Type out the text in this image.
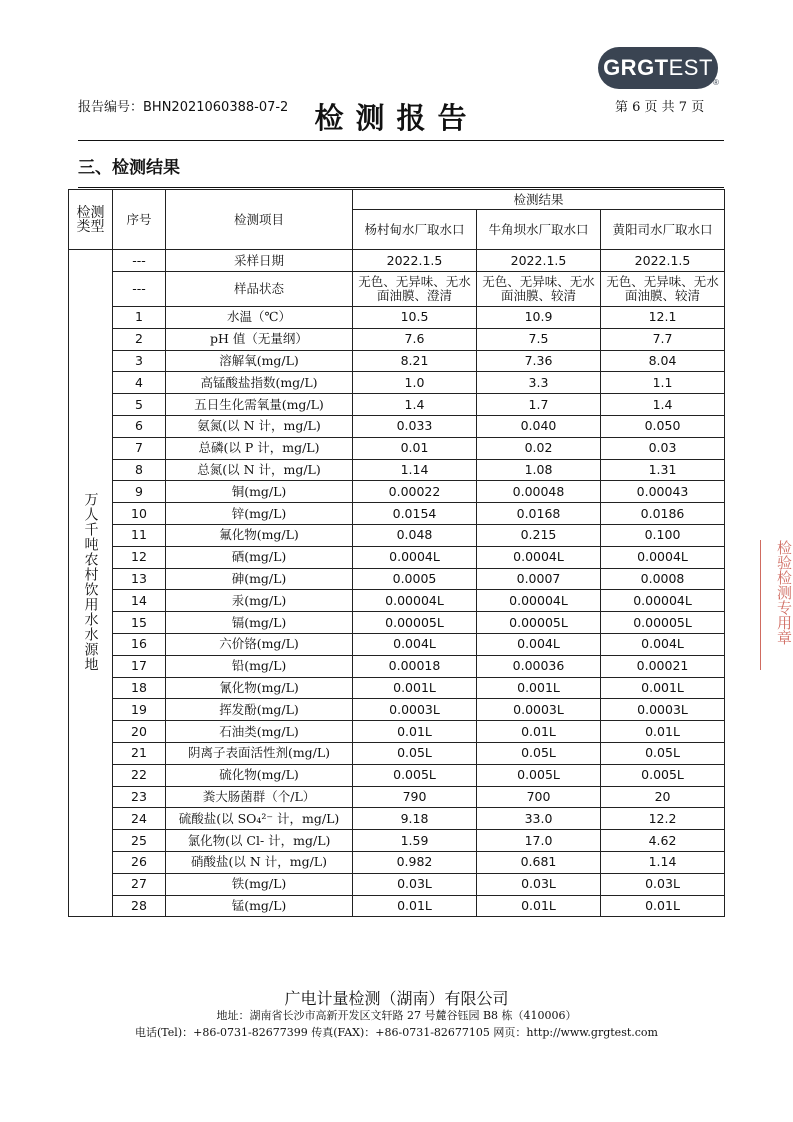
GRGT EST
®
报告编号：BHN2021060388-07-2 检测报告	第 6 页 共 7 页
三、检测结果
检测类型	序号	检测项目	检测结果		
			杨村甸水厂取水口	牛角坝水厂取水口	黄阳司水厂取水口
万人千吨农村饮用水水源地	---	采样日期	2022.1.5	2022.1.5	2022.1.5
	---	样品状态	无色、无异味、无水面油膜、澄清	无色、无异味、无水面油膜、较清	无色、无异味、无水面油膜、较清
	1	水温（℃）	10.5	10.9	12.1
	2	pH 值（无量纲）	7.6	7.5	7.7
	3	溶解氧(mg/L)	8.21	7.36	8.04
	4	高锰酸盐指数(mg/L)	1.0	3.3	1.1
	5	五日生化需氧量(mg/L)	1.4	1.7	1.4
	6	氨氮(以 N 计，mg/L)	0.033	0.040	0.050
	7	总磷(以 P 计，mg/L)	0.01	0.02	0.03
	8	总氮(以 N 计，mg/L)	1.14	1.08	1.31
	9	铜(mg/L)	0.00022	0.00048	0.00043
	10	锌(mg/L)	0.0154	0.0168	0.0186
	11	氟化物(mg/L)	0.048	0.215	0.100
	12	硒(mg/L)	0.0004L	0.0004L	0.0004L
	13	砷(mg/L)	0.0005	0.0007	0.0008
	14	汞(mg/L)	0.00004L	0.00004L	0.00004L
	15	镉(mg/L)	0.00005L	0.00005L	0.00005L
	16	六价铬(mg/L)	0.004L	0.004L	0.004L
	17	铅(mg/L)	0.00018	0.00036	0.00021
	18	氰化物(mg/L)	0.001L	0.001L	0.001L
	19	挥发酚(mg/L)	0.0003L	0.0003L	0.0003L
	20	石油类(mg/L)	0.01L	0.01L	0.01L
	21	阴离子表面活性剂(mg/L)	0.05L	0.05L	0.05L
	22	硫化物(mg/L)	0.005L	0.005L	0.005L
	23	粪大肠菌群（个/L）	790	700	20
	24	硫酸盐(以 SO₄²⁻ 计，mg/L)	9.18	33.0	12.2
	25	氯化物(以 Cl- 计，mg/L)	1.59	17.0	4.62
	26	硝酸盐(以 N 计，mg/L)	0.982	0.681	1.14
	27	铁(mg/L)	0.03L	0.03L	0.03L
	28	锰(mg/L)	0.01L	0.01L	0.01L
检验检测专用章
广电计量检测（湖南）有限公司
地址：湖南省长沙市高新开发区文轩路 27 号麓谷钰园 B8 栋（410006）
电话(Tel)：+86-0731-82677399 传真(FAX)：+86-0731-82677105 网页：http://www.grgtest.com
